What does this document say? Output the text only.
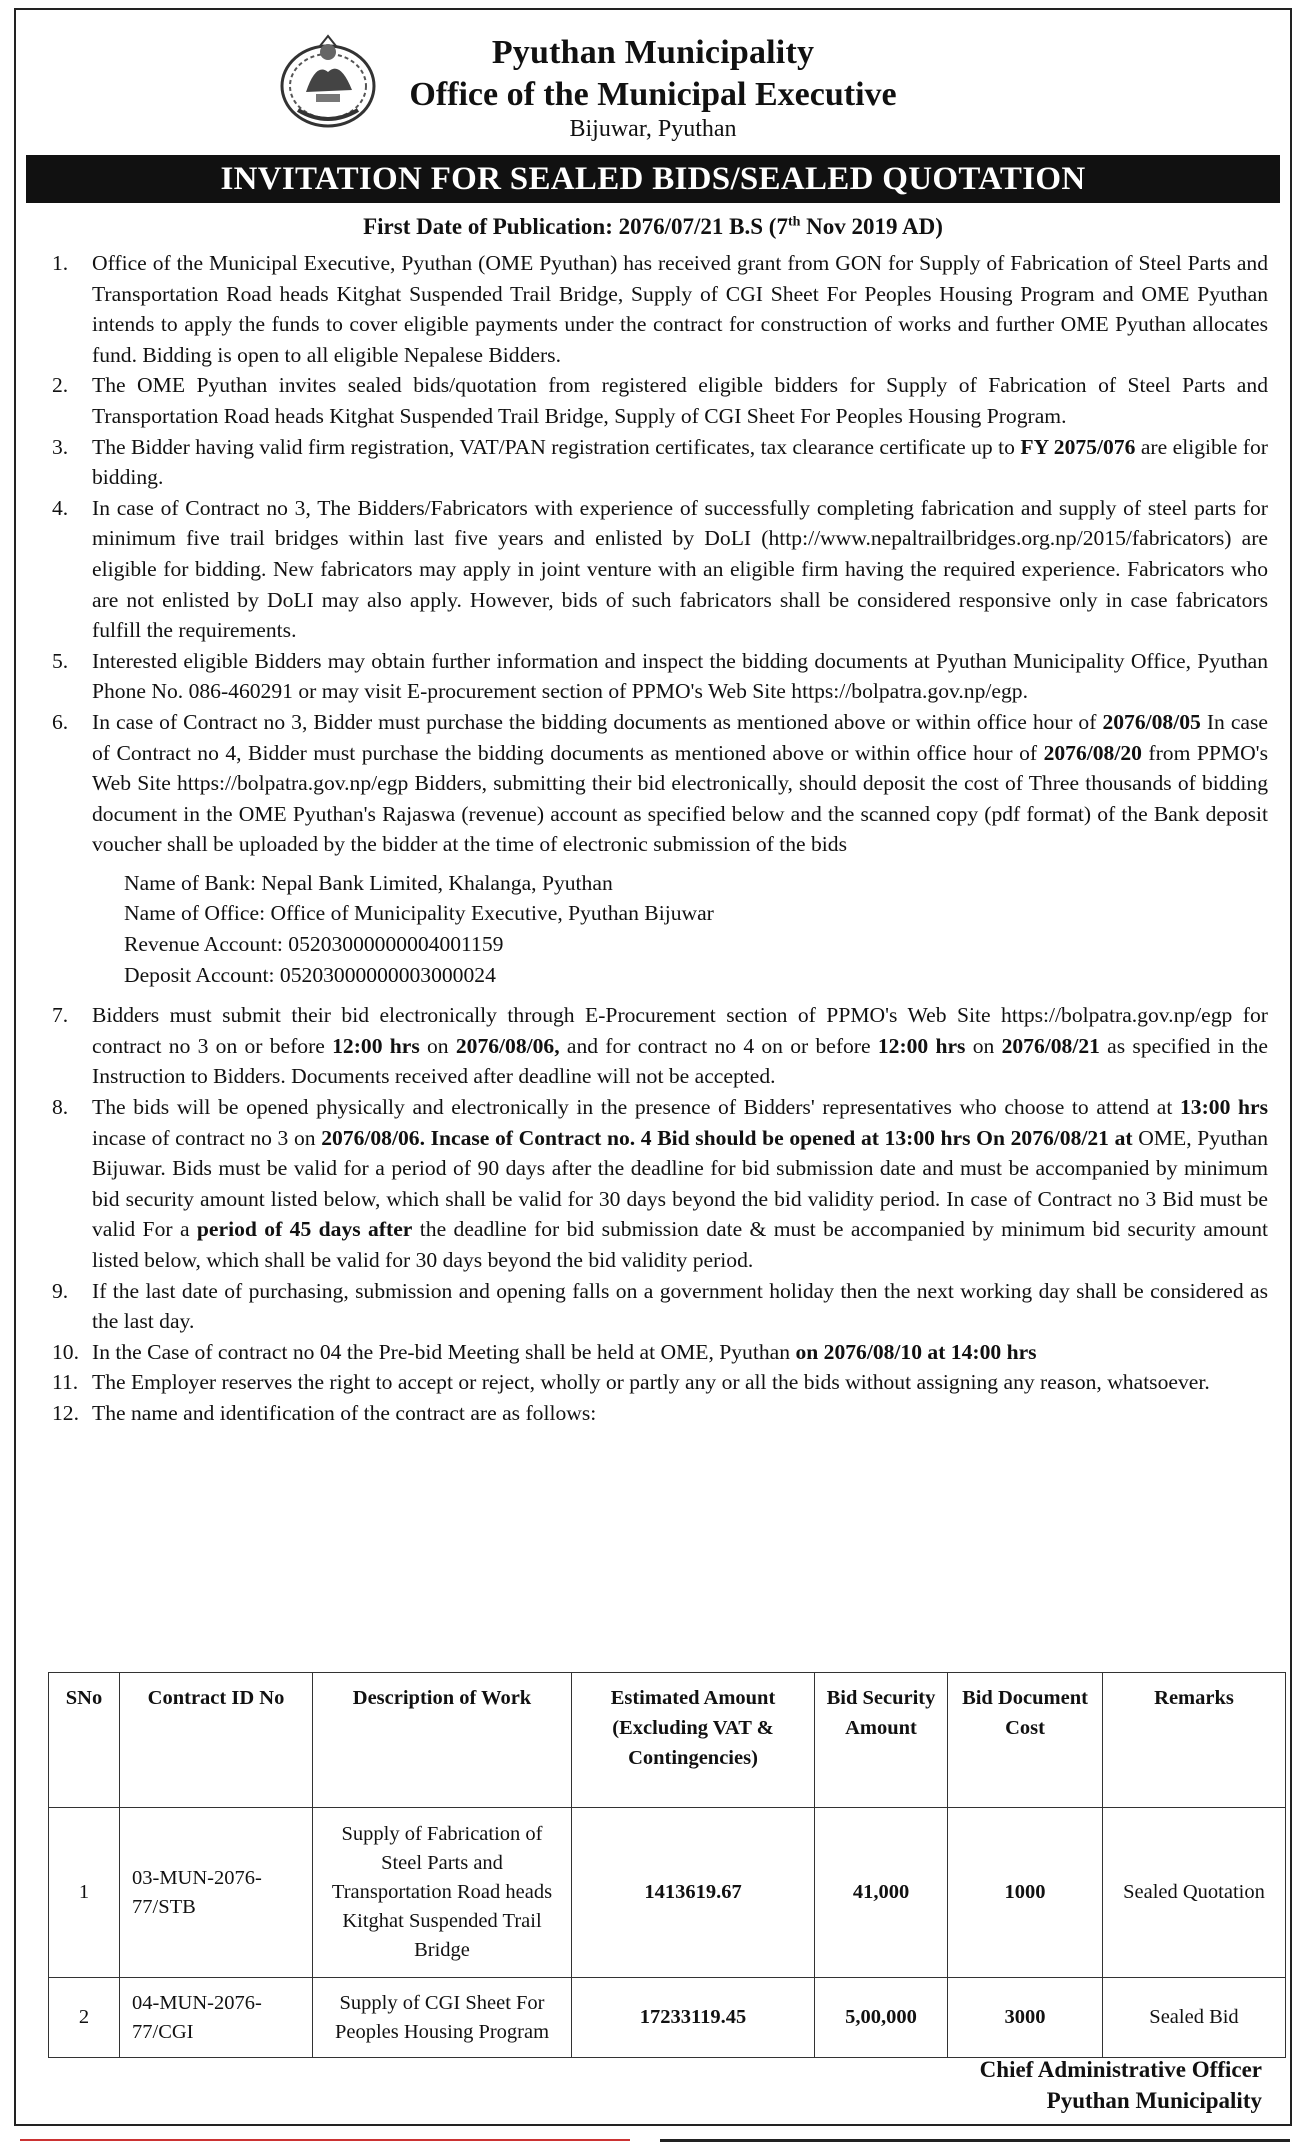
Pyuthan Municipality
Office of the Municipal Executive
Bijuwar, Pyuthan
INVITATION FOR SEALED BIDS/SEALED QUOTATION
First Date of Publication: 2076/07/21 B.S (7th Nov 2019 AD)
1. Office of the Municipal Executive, Pyuthan (OME Pyuthan) has received grant from GON for Supply of Fabrication of Steel Parts and Transportation Road heads Kitghat Suspended Trail Bridge, Supply of CGI Sheet For Peoples Housing Program and OME Pyuthan intends to apply the funds to cover eligible payments under the contract for construction of works and further OME Pyuthan allocates fund. Bidding is open to all eligible Nepalese Bidders.
2. The OME Pyuthan invites sealed bids/quotation from registered eligible bidders for Supply of Fabrication of Steel Parts and Transportation Road heads Kitghat Suspended Trail Bridge, Supply of CGI Sheet For Peoples Housing Program.
3. The Bidder having valid firm registration, VAT/PAN registration certificates, tax clearance certificate up to FY 2075/076 are eligible for bidding.
4. In case of Contract no 3, The Bidders/Fabricators with experience of successfully completing fabrication and supply of steel parts for minimum five trail bridges within last five years and enlisted by DoLI (http://www.nepaltrailbridges.org.np/2015/fabricators) are eligible for bidding. New fabricators may apply in joint venture with an eligible firm having the required experience. Fabricators who are not enlisted by DoLI may also apply. However, bids of such fabricators shall be considered responsive only in case fabricators fulfill the requirements.
5. Interested eligible Bidders may obtain further information and inspect the bidding documents at Pyuthan Municipality Office, Pyuthan Phone No. 086-460291 or may visit E-procurement section of PPMO's Web Site https://bolpatra.gov.np/egp.
6. In case of Contract no 3, Bidder must purchase the bidding documents as mentioned above or within office hour of 2076/08/05 In case of Contract no 4, Bidder must purchase the bidding documents as mentioned above or within office hour of 2076/08/20 from PPMO's Web Site https://bolpatra.gov.np/egp Bidders, submitting their bid electronically, should deposit the cost of Three thousands of bidding document in the OME Pyuthan's Rajaswa (revenue) account as specified below and the scanned copy (pdf format) of the Bank deposit voucher shall be uploaded by the bidder at the time of electronic submission of the bids
Name of Bank: Nepal Bank Limited, Khalanga, Pyuthan
Name of Office: Office of Municipality Executive, Pyuthan Bijuwar
Revenue Account: 05203000000004001159
Deposit Account: 05203000000003000024
7. Bidders must submit their bid electronically through E-Procurement section of PPMO's Web Site https://bolpatra.gov.np/egp for contract no 3 on or before 12:00 hrs on 2076/08/06, and for contract no 4 on or before 12:00 hrs on 2076/08/21 as specified in the Instruction to Bidders. Documents received after deadline will not be accepted.
8. The bids will be opened physically and electronically in the presence of Bidders' representatives who choose to attend at 13:00 hrs incase of contract no 3 on 2076/08/06. Incase of Contract no. 4 Bid should be opened at 13:00 hrs On 2076/08/21 at OME, Pyuthan Bijuwar. Bids must be valid for a period of 90 days after the deadline for bid submission date and must be accompanied by minimum bid security amount listed below, which shall be valid for 30 days beyond the bid validity period. In case of Contract no 3 Bid must be valid For a period of 45 days after the deadline for bid submission date & must be accompanied by minimum bid security amount listed below, which shall be valid for 30 days beyond the bid validity period.
9. If the last date of purchasing, submission and opening falls on a government holiday then the next working day shall be considered as the last day.
10. In the Case of contract no 04 the Pre-bid Meeting shall be held at OME, Pyuthan on 2076/08/10 at 14:00 hrs
11. The Employer reserves the right to accept or reject, wholly or partly any or all the bids without assigning any reason, whatsoever.
12. The name and identification of the contract are as follows:
SNo	Contract ID No	Description of Work	Estimated Amount (Excluding VAT & Contingencies)	Bid Security Amount	Bid Document Cost	Remarks
1	03-MUN-2076-77/STB	Supply of Fabrication of Steel Parts and Transportation Road heads Kitghat Suspended Trail Bridge	1413619.67	41,000	1000	Sealed Quotation
2	04-MUN-2076-77/CGI	Supply of CGI Sheet For Peoples Housing Program	17233119.45	5,00,000	3000	Sealed Bid
Chief Administrative Officer
Pyuthan Municipality
